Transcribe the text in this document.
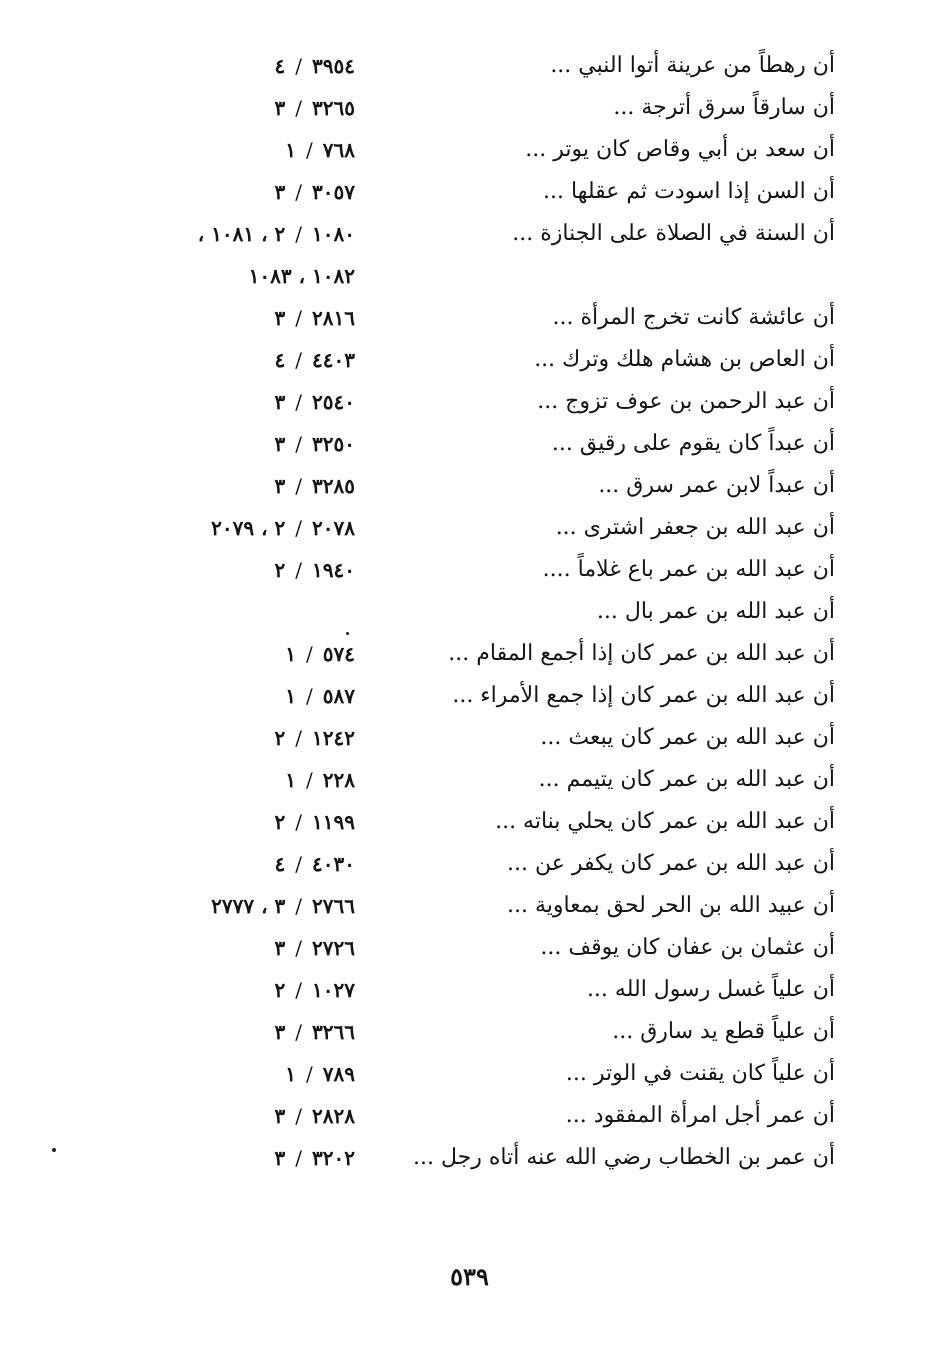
أن رهطاً من عرينة أتوا النبي ...
٤ / ٣٩٥٤
أن سارقاً سرق أترجة ...
٣ / ٣٢٦٥
أن سعد بن أبي وقاص كان يوتر ...
١ / ٧٦٨
أن السن إذا اسودت ثم عقلها ...
٣ / ٣٠٥٧
أن السنة في الصلاة على الجنازة ...
٢ /١٠٨٠ ، ١٠٨١ ،
١٠٨٢ ، ١٠٨٣
أن عائشة كانت تخرج المرأة ...
٣ / ٢٨١٦
أن العاص بن هشام هلك وترك ...
٤ / ٤٤٠٣
أن عبد الرحمن بن عوف تزوج ...
٣ / ٢٥٤٠
أن عبداً كان يقوم على رقيق ...
٣ / ٣٢٥٠
أن عبداً لابن عمر سرق ...
٣ / ٣٢٨٥
أن عبد الله بن جعفر اشترى ...
٢ /٢٠٧٨ ، ٢٠٧٩
أن عبد الله بن عمر باع غلاماً ....
٢ / ١٩٤٠
أن عبد الله بن عمر بال ...
أن عبد الله بن عمر كان إذا أجمع المقام ...
١ / ٥٧٤
أن عبد الله بن عمر كان إذا جمع الأمراء ...
١ / ٥٨٧
أن عبد الله بن عمر كان يبعث ...
٢ / ١٢٤٢
أن عبد الله بن عمر كان يتيمم ...
١ / ٢٢٨
أن عبد الله بن عمر كان يحلي بناته ...
٢ / ١١٩٩
أن عبد الله بن عمر كان يكفر عن ...
٤ / ٤٠٣٠
أن عبيد الله بن الحر لحق بمعاوية ...
٣ /٢٧٦٦ ، ٢٧٧٧
أن عثمان بن عفان كان يوقف ...
٣ / ٢٧٢٦
أن علياً غسل رسول الله ...
٢ / ١٠٢٧
أن علياً قطع يد سارق ...
٣ / ٣٢٦٦
أن علياً كان يقنت في الوتر ...
١ / ٧٨٩
أن عمر أجل امرأة المفقود ...
٣ / ٢٨٢٨
أن عمر بن الخطاب رضي الله عنه أتاه رجل ...
٣ / ٣٢٠٢
٥٣٩
